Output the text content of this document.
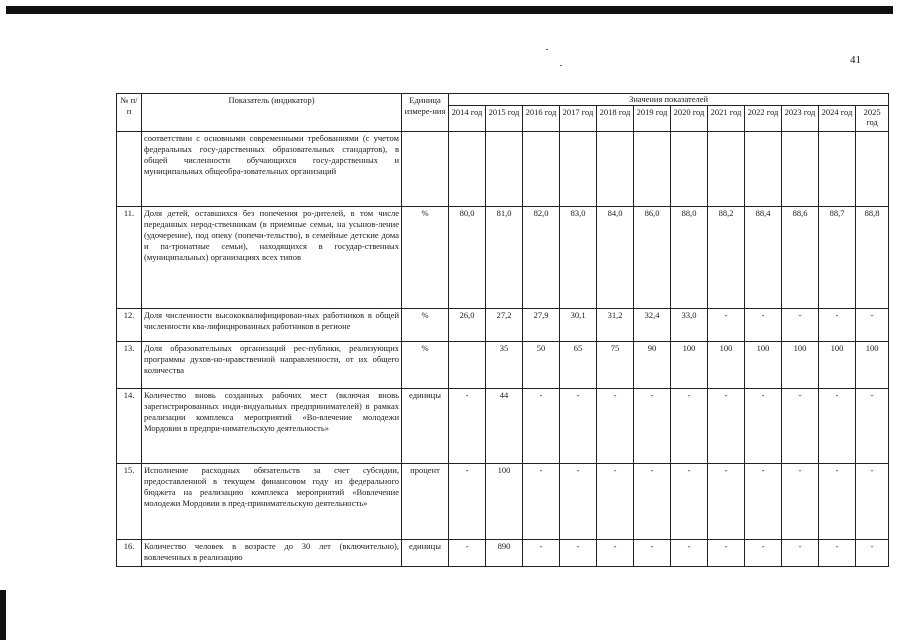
41
№ п/п	Показатель (индикатор)	Единица измере-ния	Значения показателей											
			2014 год	2015 год	2016 год	2017 год	2018 год	2019 год	2020 год	2021 год	2022 год	2023 год	2024 год	2025 год
	соответствии с основными современными требованиями (с учетом федеральных госу-дарственных образовательных стандартов), в общей численности обучающихся госу-дарственных и муниципальных общеобра-зовательных организаций													
11.	Доля детей, оставшихся без попечения ро-дителей, в том числе переданных нерод-ственникам (в приемные семьи, на усынов-ление (удочерение), под опеку (попечи-тельство), в семейные детские дома и па-тронатные семьи), находящихся в государ-ственных (муниципальных) организациях всех типов	%	80,0	81,0	82,0	83,0	84,0	86,0	88,0	88,2	88,4	88,6	88,7	88,8
12.	Доля численности высококвалифицирован-ных работников в общей численности ква-лифицированных работников в регионе	%	26,0	27,2	27,9	30,1	31,2	32,4	33,0	-	-	-	-	-
13.	Доля образовательных организаций рес-публики, реализующих программы духов-но-нравственной направленности, от их общего количества	%		35	50	65	75	90	100	100	100	100	100	100
14.	Количество вновь созданных рабочих мест (включая вновь зарегистрированных инди-видуальных предпринимателей) в рамках реализации комплекса мероприятий «Во-влечение молодежи Мордовии в предпри-нимательскую деятельность»	единицы	-	44	-	-	-	-	-	-	-	-	-	-
15.	Исполнение расходных обязательств за счет субсидии, предоставленной в текущем финансовом году из федерального бюджета на реализацию комплекса мероприятий «Вовлечение молодежи Мордовии в пред-принимательскую деятельность»	процент	-	100	-	-	-	-	-	-	-	-	-	-
16.	Количество человек в возрасте до 30 лет (включительно), вовлеченных в реализацию	единицы	-	890	-	-	-	-	-	-	-	-	-	-
